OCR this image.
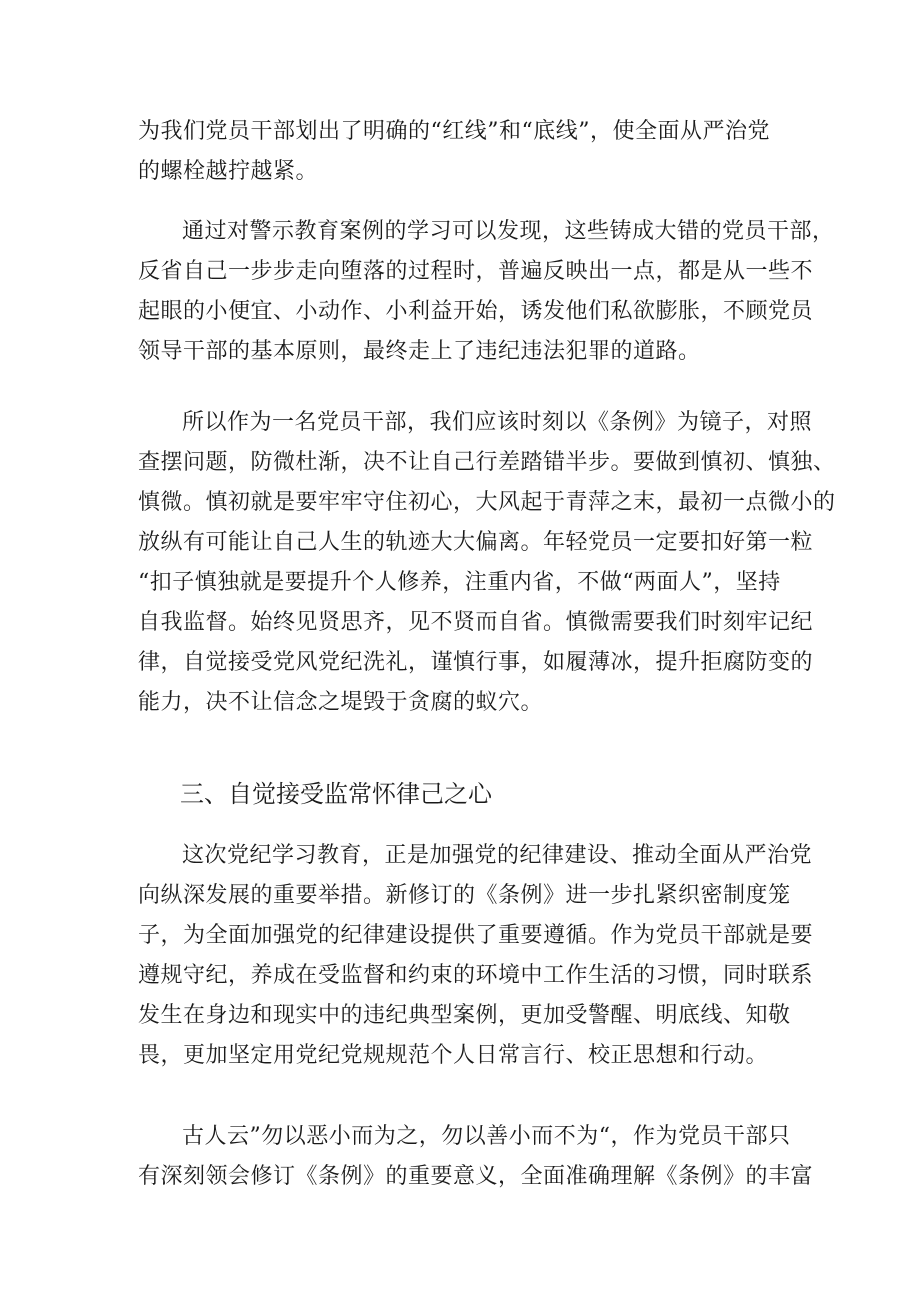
为我们党员干部划出了明确的“红线”和“底线”，使全面从严治党
的螺栓越拧越紧。
通过对警示教育案例的学习可以发现，这些铸成大错的党员干部，
反省自己一步步走向堕落的过程时，普遍反映出一点，都是从一些不
起眼的小便宜、小动作、小利益开始，诱发他们私欲膨胀，不顾党员
领导干部的基本原则，最终走上了违纪违法犯罪的道路。
所以作为一名党员干部，我们应该时刻以《条例》为镜子，对照
查摆问题，防微杜渐，决不让自己行差踏错半步。要做到慎初、慎独、
慎微。慎初就是要牢牢守住初心，大风起于青萍之末，最初一点微小的
放纵有可能让自己人生的轨迹大大偏离。年轻党员一定要扣好第一粒
“扣子慎独就是要提升个人修养，注重内省，不做“两面人”，坚持
自我监督。始终见贤思齐，见不贤而自省。慎微需要我们时刻牢记纪
律，自觉接受党风党纪洗礼，谨慎行事，如履薄冰，提升拒腐防变的
能力，决不让信念之堤毁于贪腐的蚁穴。
三、自觉接受监常怀律己之心
这次党纪学习教育，正是加强党的纪律建设、推动全面从严治党
向纵深发展的重要举措。新修订的《条例》进一步扎紧织密制度笼
子，为全面加强党的纪律建设提供了重要遵循。作为党员干部就是要
遵规守纪，养成在受监督和约束的环境中工作生活的习惯，同时联系
发生在身边和现实中的违纪典型案例，更加受警醒、明底线、知敬
畏，更加坚定用党纪党规规范个人日常言行、校正思想和行动。
古人云”勿以恶小而为之，勿以善小而不为“，作为党员干部只
有深刻领会修订《条例》的重要意义，全面准确理解《条例》的丰富
